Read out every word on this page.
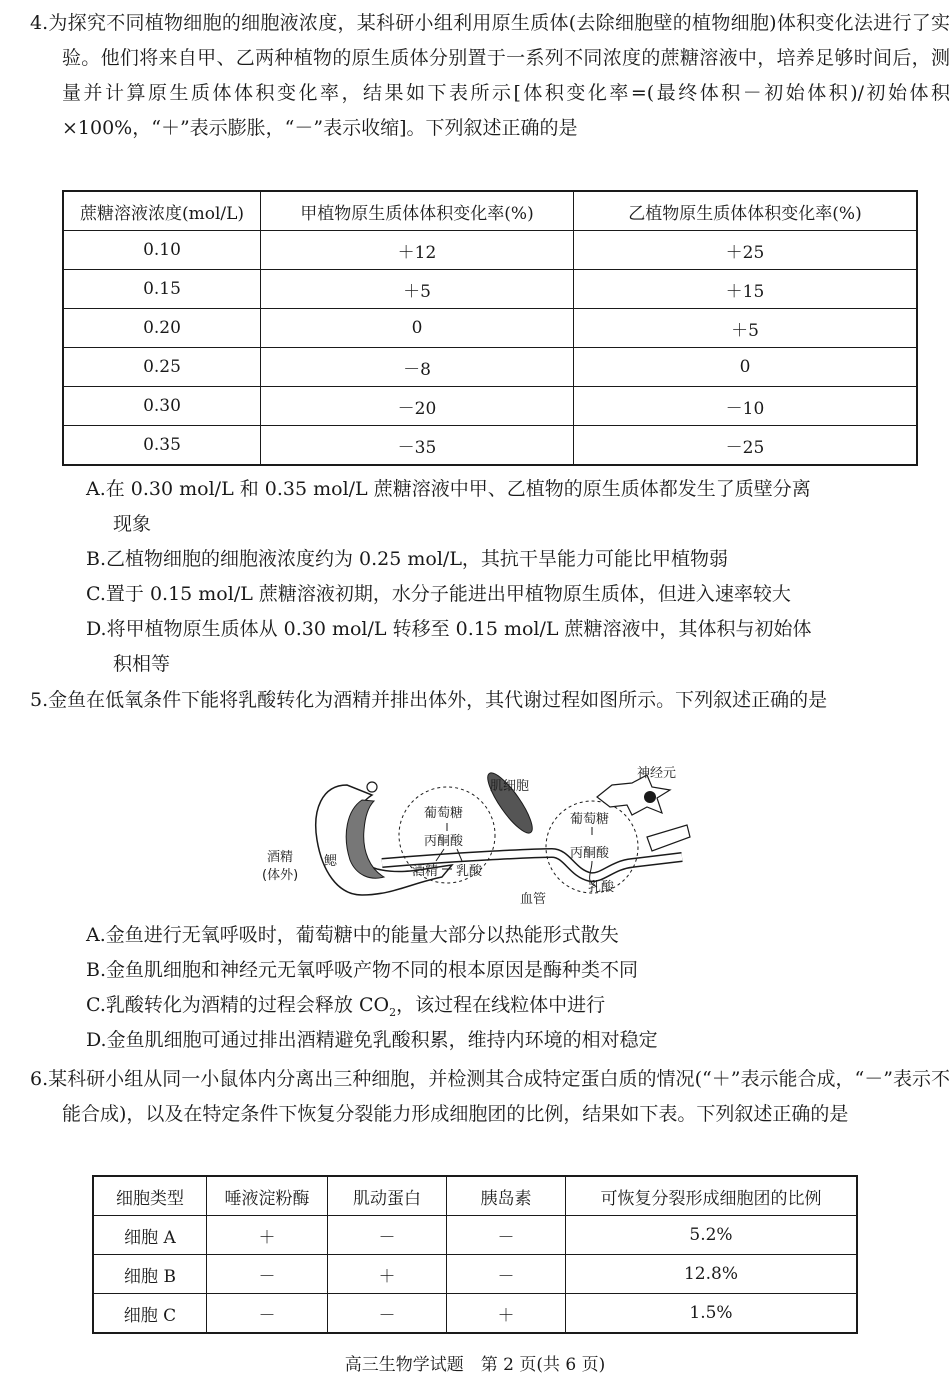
4.为探究不同植物细胞的细胞液浓度，某科研小组利用原生质体(去除细胞壁的植物细胞)体积变化法进行了实验。他们将来自甲、乙两种植物的原生质体分别置于一系列不同浓度的蔗糖溶液中，培养足够时间后，测量并计算原生质体体积变化率，结果如下表所示[体积变化率=(最终体积－初始体积)/初始体积×100%，“＋”表示膨胀，“－”表示收缩]。下列叙述正确的是

蔗糖溶液浓度(mol/L)	甲植物原生质体体积变化率(%)	乙植物原生质体体积变化率(%)
0.10	＋12	＋25
0.15	＋5	＋15
0.20	0	＋5
0.25	－8	0
0.30	－20	－10
0.35	－35	－25
A.在 0.30 mol/L 和 0.35 mol/L 蔗糖溶液中甲、乙植物的原生质体都发生了质壁分离
现象
B.乙植物细胞的细胞液浓度约为 0.25 mol/L，其抗干旱能力可能比甲植物弱
C.置于 0.15 mol/L 蔗糖溶液初期，水分子能进出甲植物原生质体，但进入速率较大
D.将甲植物原生质体从 0.30 mol/L 转移至 0.15 mol/L 蔗糖溶液中，其体积与初始体
积相等

5.金鱼在低氧条件下能将乳酸转化为酒精并排出体外，其代谢过程如图所示。下列叙述正确的是

肌细胞
神经元
葡萄糖
丙酮酸
酒精 乳酸
鳃
酒精
(体外)
葡萄糖
丙酮酸
乳酸
血管
A.金鱼进行无氧呼吸时，葡萄糖中的能量大部分以热能形式散失
B.金鱼肌细胞和神经元无氧呼吸产物不同的根本原因是酶种类不同
C.乳酸转化为酒精的过程会释放 $CO_2$，该过程在线粒体中进行
D.金鱼肌细胞可通过排出酒精避免乳酸积累，维持内环境的相对稳定

6.某科研小组从同一小鼠体内分离出三种细胞，并检测其合成特定蛋白质的情况(“＋”表示能合成，“－”表示不能合成)，以及在特定条件下恢复分裂能力形成细胞团的比例，结果如下表。下列叙述正确的是

细胞类型	唾液淀粉酶	肌动蛋白	胰岛素	可恢复分裂形成细胞团的比例
细胞 A	＋	－	－	5.2%
细胞 B	－	＋	－	12.8%
细胞 C	－	－	＋	1.5%
高三生物学试题　第 2 页(共 6 页)
